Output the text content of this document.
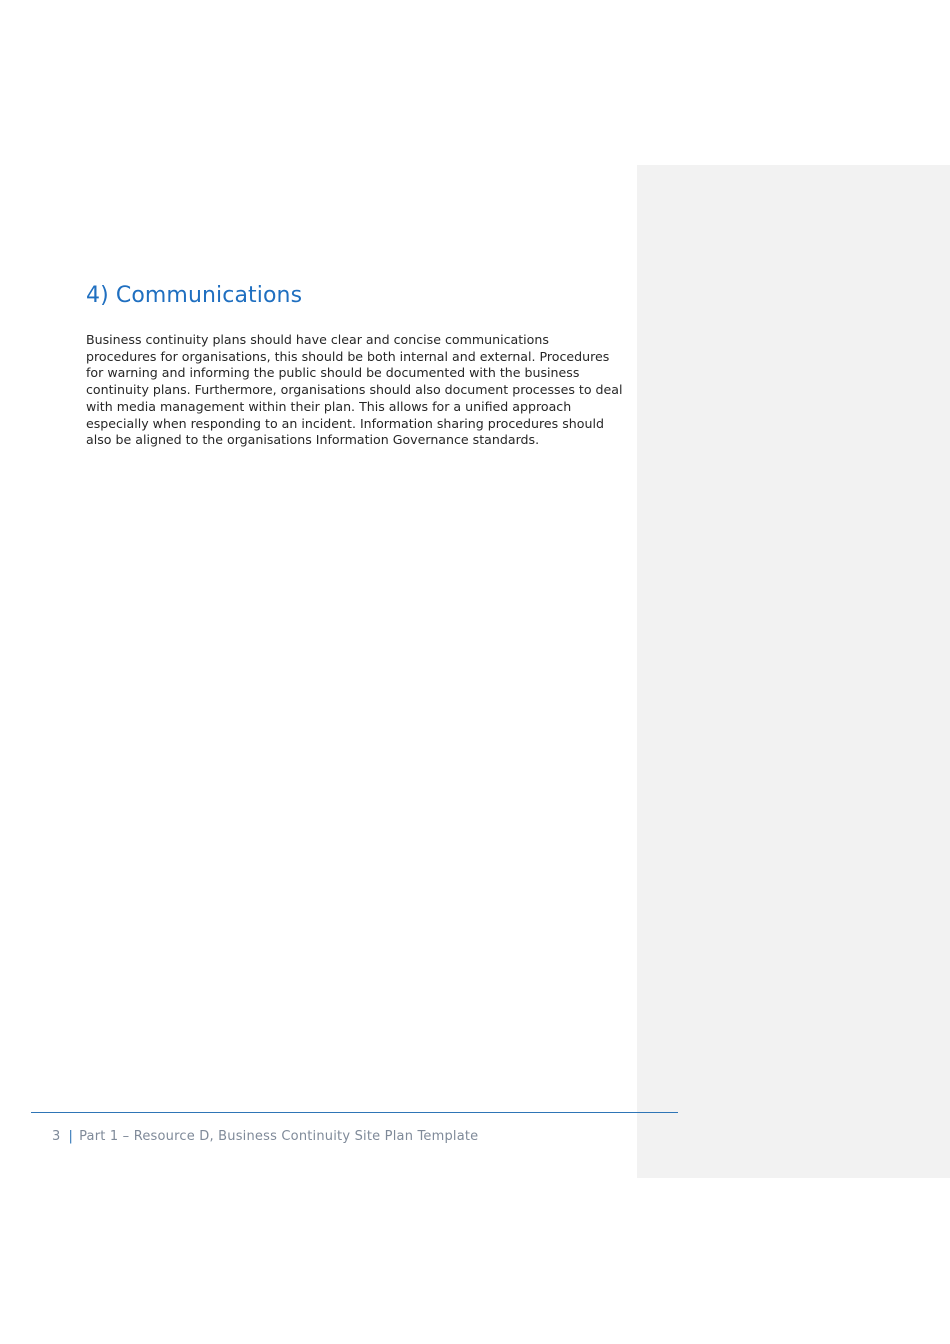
4) Communications
Business continuity plans should have clear and concise communications
procedures for organisations, this should be both internal and external. Procedures
for warning and informing the public should be documented with the business
continuity plans. Furthermore, organisations should also document processes to deal
with media management within their plan. This allows for a unified approach
especially when responding to an incident. Information sharing procedures should
also be aligned to the organisations Information Governance standards.
3 | Part 1 – Resource D, Business Continuity Site Plan Template
